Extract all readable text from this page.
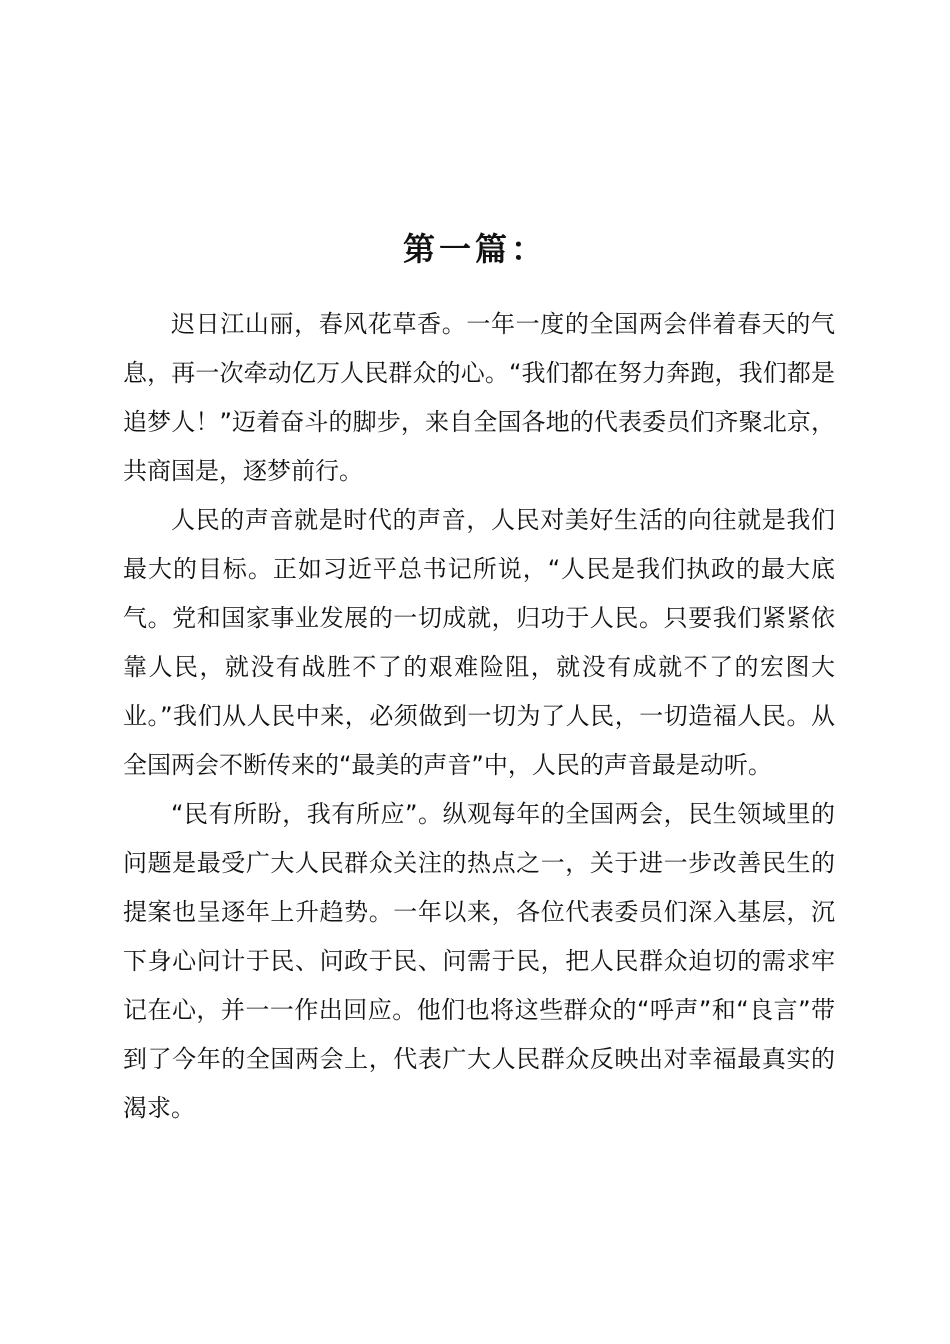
第一篇：

迟日江山丽，春风花草香。一年一度的全国两会伴着春天的气息，再一次牵动亿万人民群众的心。“我们都在努力奔跑，我们都是追梦人！”迈着奋斗的脚步，来自全国各地的代表委员们齐聚北京，共商国是，逐梦前行。

人民的声音就是时代的声音，人民对美好生活的向往就是我们最大的目标。正如习近平总书记所说，“人民是我们执政的最大底气。党和国家事业发展的一切成就，归功于人民。只要我们紧紧依靠人民，就没有战胜不了的艰难险阻，就没有成就不了的宏图大业。”我们从人民中来，必须做到一切为了人民，一切造福人民。从全国两会不断传来的“最美的声音”中，人民的声音最是动听。

“民有所盼，我有所应”。纵观每年的全国两会，民生领域里的问题是最受广大人民群众关注的热点之一，关于进一步改善民生的提案也呈逐年上升趋势。一年以来，各位代表委员们深入基层，沉下身心问计于民、问政于民、问需于民，把人民群众迫切的需求牢记在心，并一一作出回应。他们也将这些群众的“呼声”和“良言”带到了今年的全国两会上，代表广大人民群众反映出对幸福最真实的渴求。
